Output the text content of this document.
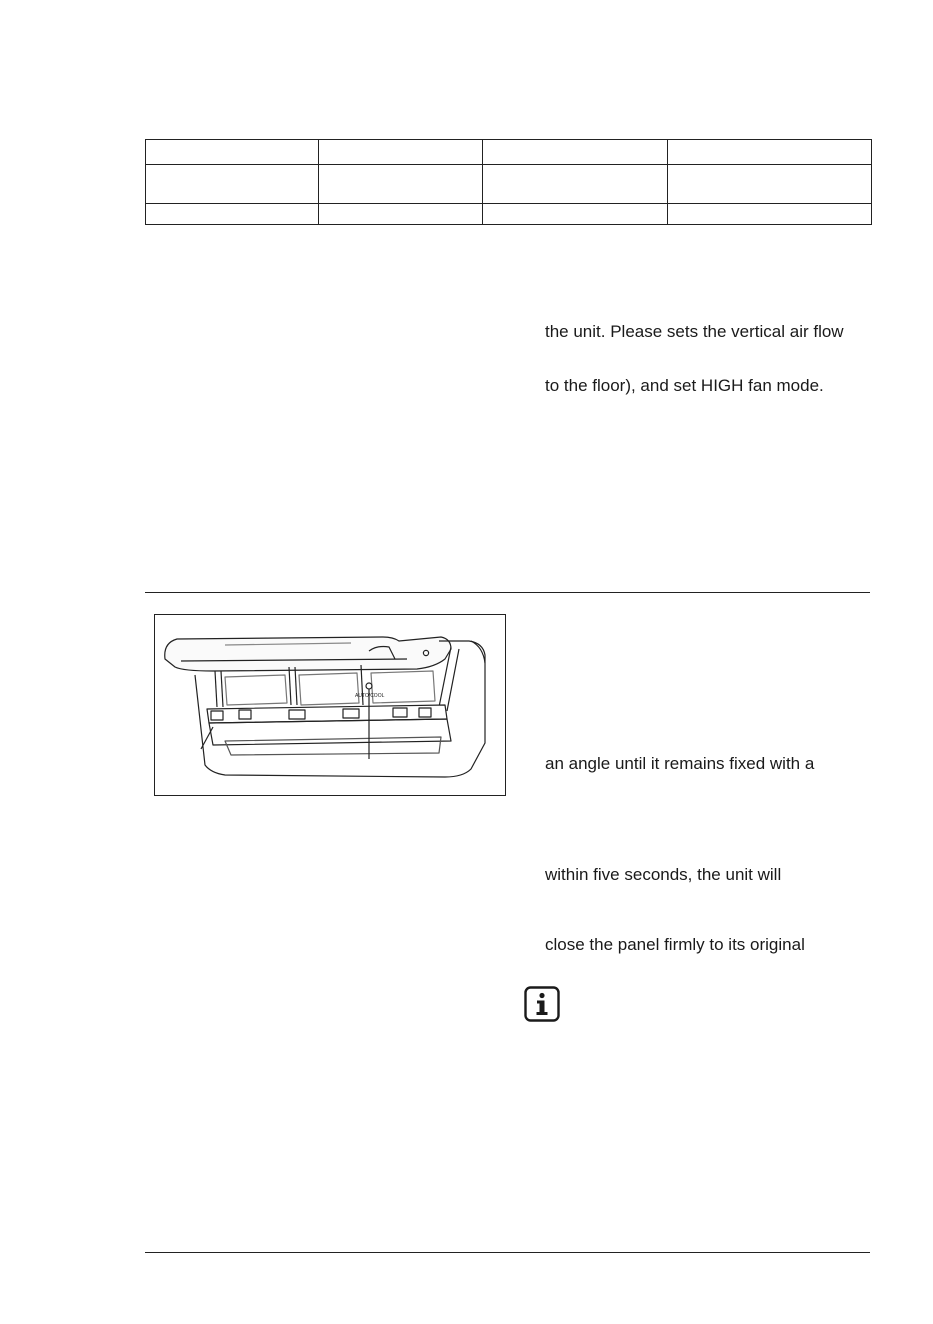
the unit. Please sets the vertical air flow
to the floor), and set HIGH fan mode.
AUTO/COOL
an angle until it remains fixed with a
within five seconds, the unit will
close the panel firmly to its original
